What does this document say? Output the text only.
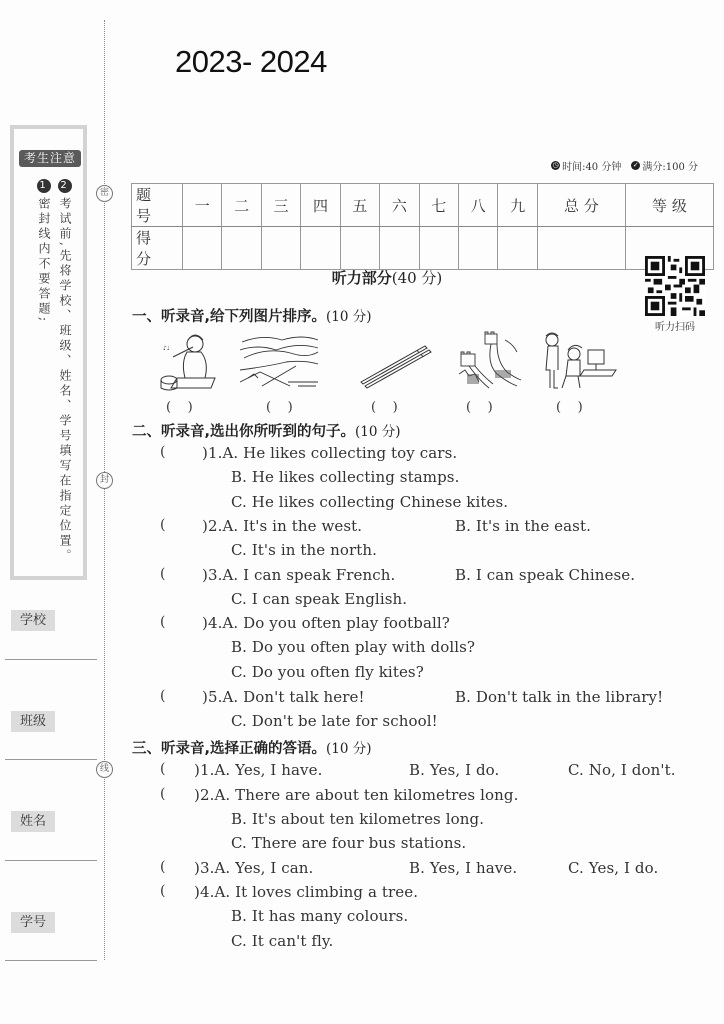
2023- 2024
密
封
线
考生注意
1密封线内不要答题;
2考试前,先将学校、班级、姓名、学号填写在指定位置。
学校
班级
姓名
学号
◷ 时间:40 分钟 ✓ 满分:100 分
题 号	一	二	三	四	五	六	七	八	九	总 分	等 级
得 分											
听力部分(40 分)
听力扫码
一、听录音,给下列图片排序。(10 分)
♪♩
(    )	(    )	(    )	(    )	(    )
二、听录音,选出你所听到的句子。(10 分)
( )1.A. He likes collecting toy cars.
B. He likes collecting stamps.
C. He likes collecting Chinese kites.
( )2.A. It's in the west.	B. It's in the east.
C. It's in the north.
( )3.A. I can speak French.	B. I can speak Chinese.
C. I can speak English.
( )4.A. Do you often play football?
B. Do you often play with dolls?
C. Do you often fly kites?
( )5.A. Don't talk here!	B. Don't talk in the library!
C. Don't be late for school!
三、听录音,选择正确的答语。(10 分)
( )1.A. Yes, I have.	B. Yes, I do.	C. No, I don't.
( )2.A. There are about ten kilometres long.
B. It's about ten kilometres long.
C. There are four bus stations.
( )3.A. Yes, I can.	B. Yes, I have.	C. Yes, I do.
( )4.A. It loves climbing a tree.
B. It has many colours.
C. It can't fly.
